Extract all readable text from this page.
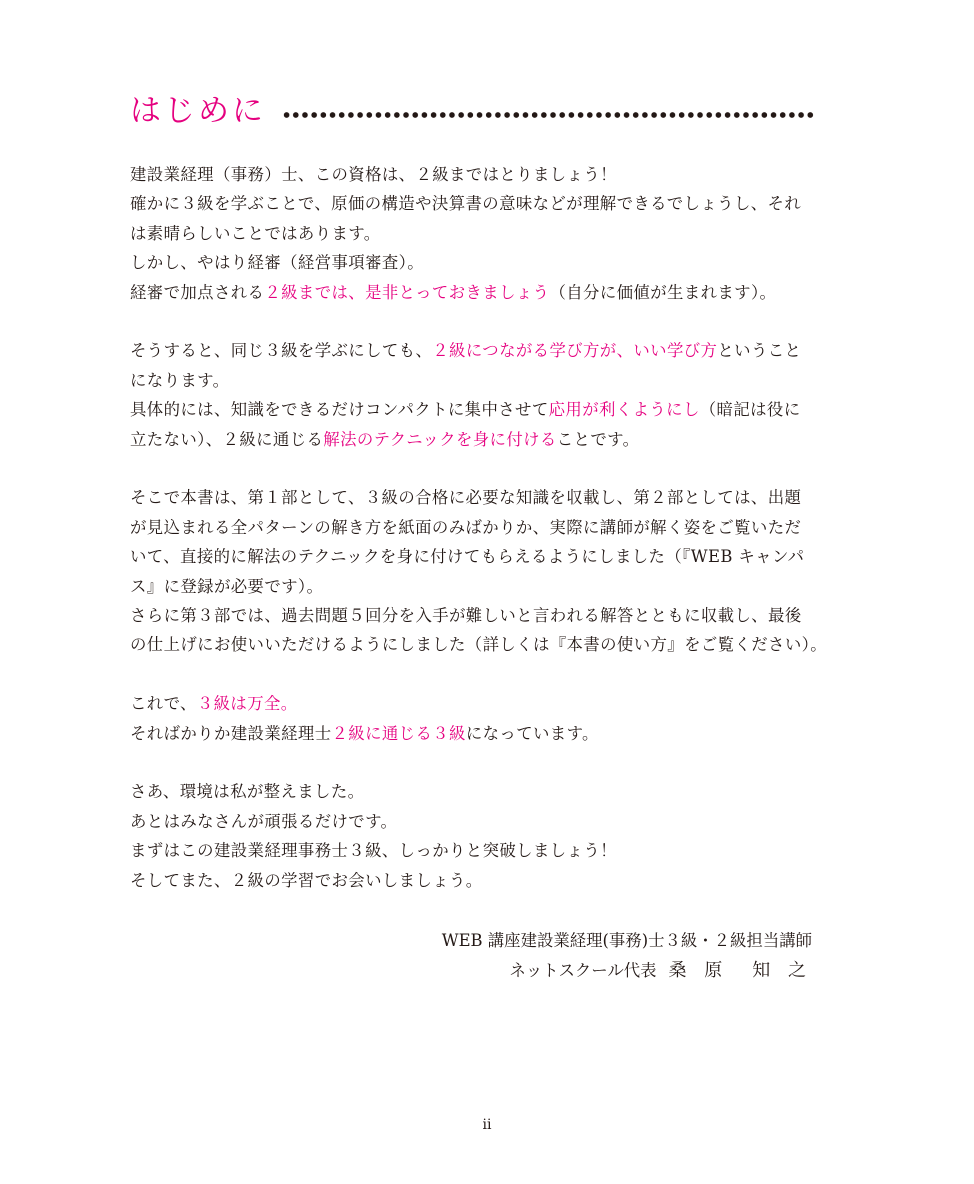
はじめに
建設業経理（事務）士、この資格は、２級まではとりましょう！
確かに３級を学ぶことで、原価の構造や決算書の意味などが理解できるでしょうし、それ
は素晴らしいことではあります。
しかし、やはり経審（経営事項審査）。
経審で加点される２級までは、是非とっておきましょう（自分に価値が生まれます）。
そうすると、同じ３級を学ぶにしても、２級につながる学び方が、いい学び方ということ
になります。
具体的には、知識をできるだけコンパクトに集中させて応用が利くようにし（暗記は役に
立たない）、２級に通じる解法のテクニックを身に付けることです。
そこで本書は、第１部として、３級の合格に必要な知識を収載し、第２部としては、出題
が見込まれる全パターンの解き方を紙面のみばかりか、実際に講師が解く姿をご覧いただ
いて、直接的に解法のテクニックを身に付けてもらえるようにしました（『WEB キャンパ
ス』に登録が必要です）。
さらに第３部では、過去問題５回分を入手が難しいと言われる解答とともに収載し、最後
の仕上げにお使いいただけるようにしました（詳しくは『本書の使い方』をご覧ください）。
これで、３級は万全。
そればかりか建設業経理士２級に通じる３級になっています。
さあ、環境は私が整えました。
あとはみなさんが頑張るだけです。
まずはこの建設業経理事務士３級、しっかりと突破しましょう！
そしてまた、２級の学習でお会いしましょう。
WEB 講座建設業経理(事務)士３級・２級担当講師
ネットスクール代表 桑 原　知 之
ii
